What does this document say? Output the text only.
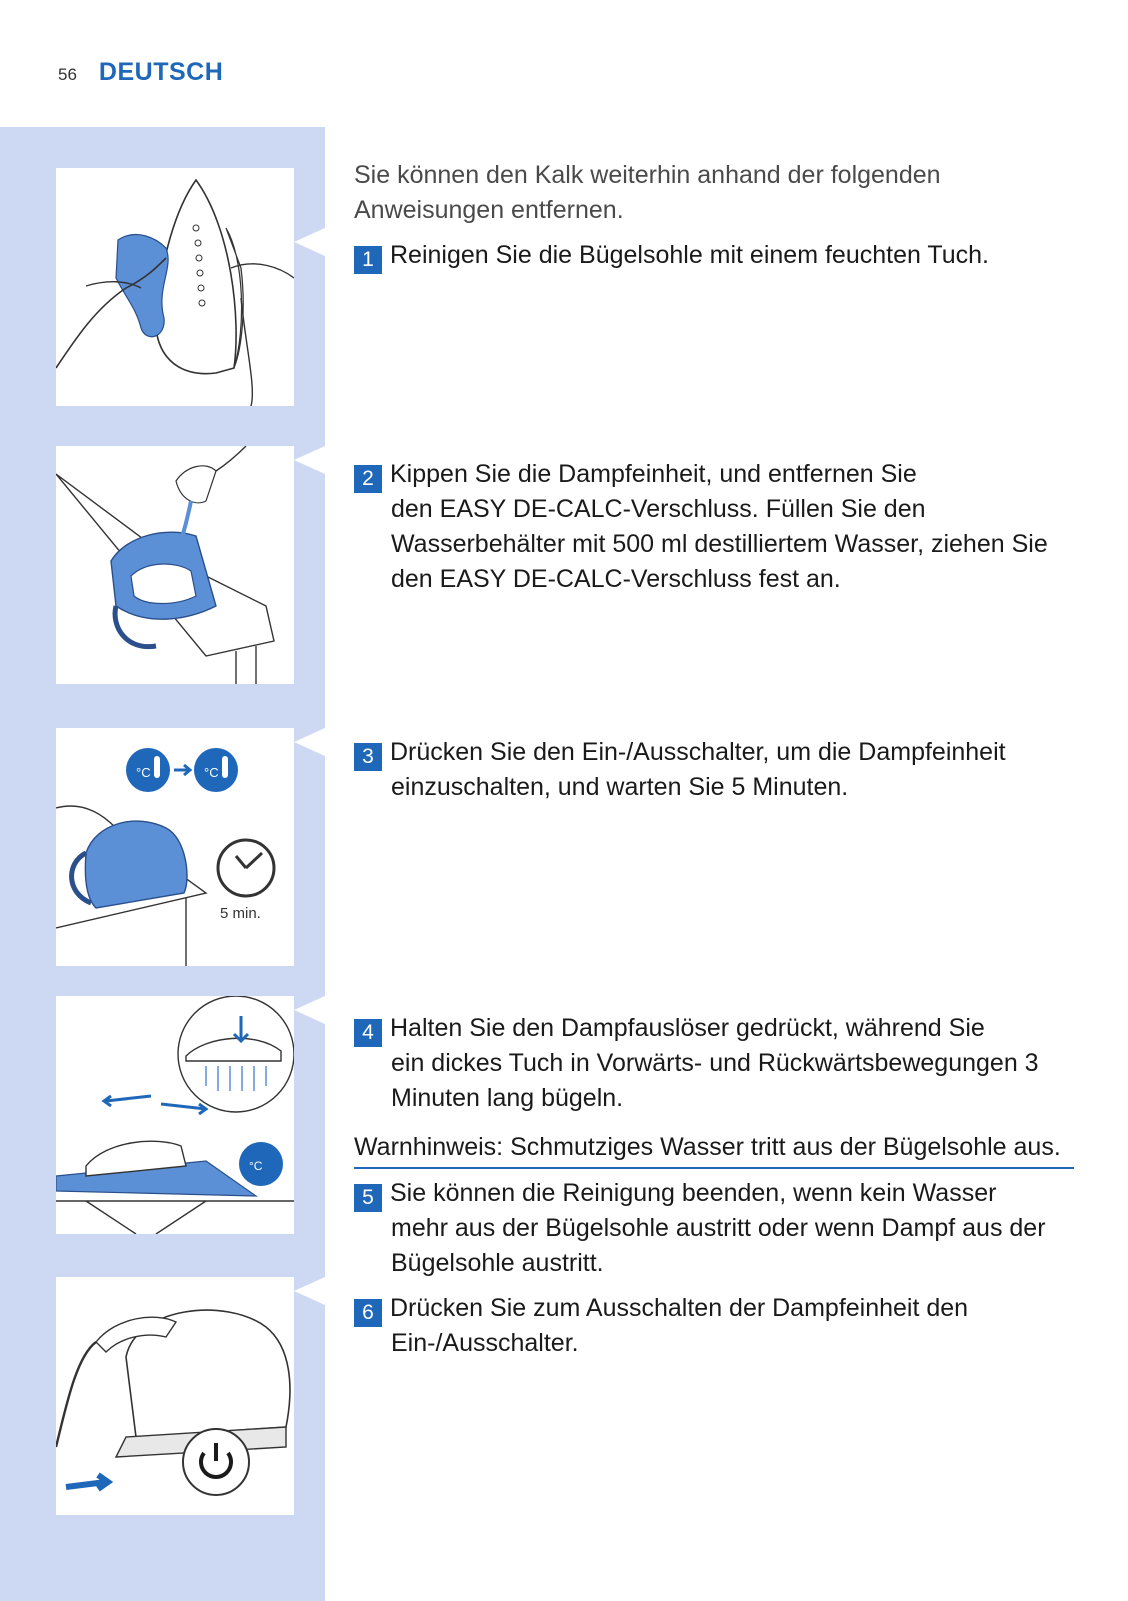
56 DEUTSCH
°C	°C
5 min.
°C
Sie können den Kalk weiterhin anhand der folgenden Anweisungen entfernen.
1 Reinigen Sie die Bügelsohle mit einem feuchten Tuch.
2 Kippen Sie die Dampfeinheit, und entfernen Sie
den EASY DE-CALC-Verschluss. Füllen Sie den Wasserbehälter mit 500 ml destilliertem Wasser, ziehen Sie den EASY DE-CALC-Verschluss fest an.
3 Drücken Sie den Ein-/Ausschalter, um die Dampfeinheit
einzuschalten, und warten Sie 5 Minuten.
4 Halten Sie den Dampfauslöser gedrückt, während Sie
ein dickes Tuch in Vorwärts- und Rückwärtsbewegungen 3 Minuten lang bügeln.
Warnhinweis: Schmutziges Wasser tritt aus der Bügelsohle aus.
5 Sie können die Reinigung beenden, wenn kein Wasser
mehr aus der Bügelsohle austritt oder wenn Dampf aus der Bügelsohle austritt.
6 Drücken Sie zum Ausschalten der Dampfeinheit den
Ein-/Ausschalter.
